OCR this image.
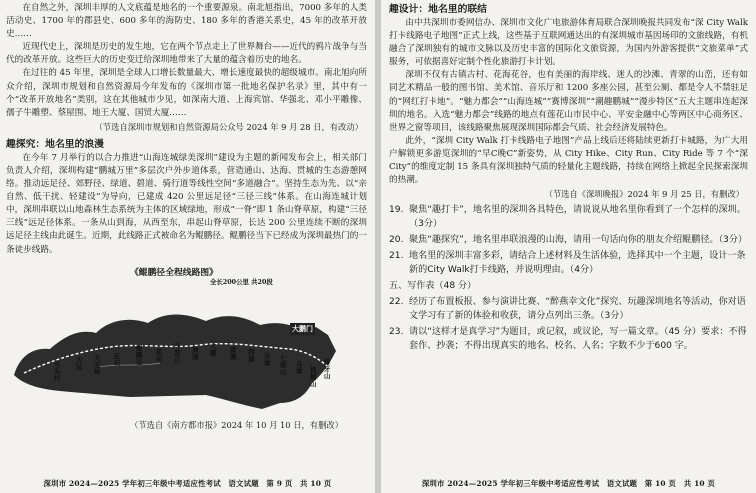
在自然之外，深圳丰厚的人文底蕴是地名的一个重要源泉。南北旭指出，7000 多年的人类活动史、1700 年的郡县史、600 多年的海防史、180 多年的香港关系史，45 年的改革开放史……

近现代史上，深圳是历史的发生地，它在两个节点走上了世界舞台——近代的鸦片战争与当代的改革开放。这些巨大的历史变迁给深圳地带来了大量的蕴含着历史的地名。

在过往的 45 年里，深圳是全球人口增长数量最大、增长速度最快的超级城市。南北旭向所众介绍，深圳市规划和自然资源局今年发布的《深圳市第一批地名保护名录》里，其中有一个“改革开放地名”类别，这在其他城市少见，如深南大道、上海宾馆、华强北、邓小平雕像、孺子牛雕塑、蔡屋围、地王大厦、国贸大厦……

（节选自深圳市规划和自然资源局公众号 2024 年 9 月 28 日，有改动）
趣探究：地名里的浪漫

在今年 7 月举行的以合力推进“山海连城绿美深圳”建设为主题的新闻发布会上，相关部门负责人介绍，深圳构建“鹏城万里”多层次户外步道体系，营造通山、达海、贯城的生态游憩网络。推动远足径、郊野径、绿道、碧道、骑行道等线性空间“多道融合”。坚持生态为先、以“亲自然、低干扰、轻建设”为导向，已建成 420 公里远足径“三径三线”体系。在山海连城计划中，深圳串联以山地森林生态系统为主体的区域绿地，形成“一脊”即 1 条山脊草原，构建“三径三线”远足径体系。一条从山到海，从西至东，串起山脊草原，长达 200 公里连续不断的深圳远足径主线由此诞生。近期，此线路正式被命名为鲲鹏径。鲲鹏径当下已经成为深圳最热门的一条徒步线路。

《鲲鹏径全程线路图》
全长200公里 共20段
大鹏门
东头村
大运
大王岭
正坑
鲲鹏径
盐田
马峦山
葵涌
大鹏 南澳
西涌 东涌
七娘山
乌涌 梧桐山
排牙山
（节选自《南方都市报》2024 年 10 月 10 日，有删改）
深圳市 2024—2025 学年初三年级中考适应性考试　语文试题　第 9 页　共 10 页
趣设计：地名里的联结

由中共深圳市委网信办、深圳市文化广电旅游体育局联合深圳晚报共同发布“深 City Walk 打卡线路电子地图”正式上线，这些基于互联网通达出的有深圳城市基因场印的文旅线路，有机融合了深圳独有的城市文脉以及历史丰富的国际化文旅资源，为国内外游客提供“文旅菜单”式服务，可依据喜好定制个性化旅游打卡计划。

深圳不仅有古镇古村、花海花谷，也有美丽的海岸线、迷人的沙滩、青翠的山峦，还有如同艺术精品一般的图书馆、美术馆、音乐厅和 1200 多座公园，甚至公厕、都是令人不禁驻足的“网红打卡地”。“魅力都会”“山海连城”“赛博深圳”“潮趣鹏城”“漫步特区”五大主题串连起深圳的地名。入选“魅力都会”线路的地点有莲花山市民中心、平安金融中心等两区中心商务区、世界之窗等项目，该线路聚焦展现深圳国际都会气质、社会经济发展特色。

此外，“深圳 City Walk 打卡线路电子地图”产品上线后还将陆续更新打卡城路，为广大用户解锁更多游览深圳的“早C晚C”新姿势，从 City Hike、City Run、City Ride 等 7 个“深 City”的维度定制 15 条具有深圳独特气质的轻量化主题线路，持续在网络上掀起全民探索深圳的热潮。

（节选自《深圳晚报》2024 年 9 月 25 日，有删改）
19. 聚焦“趣打卡”，地名里的深圳各具特色，请说说从地名里你看到了一个怎样的深圳。（3分）
20. 聚焦“趣探究”，地名里串联浪漫的山海，请用一句话向你的朋友介绍鲲鹏径。（3分）
21. 地名里的深圳丰富多彩，请结合上述材料及生活体验，选择其中一个主题，设计一条新的City Walk打卡线路，并说明理由。（4分）
五、写作表（48 分）
22. 经历了布置板报、参与演讲比赛、“醉燕幸文化”探究、玩趣深圳地名等活动，你对语文学习有了新的体验和收获，请分点列出三条。（3分）
23. 请以“这样才是真学习”为题目，或记叙，或议论，写一篇文章。（45 分）要求：不得套作、抄袭；不得出现真实的地名、校名、人名；字数不少于600 字。
深圳市 2024—2025 学年初三年级中考适应性考试　语文试题　第 10 页　共 10 页
